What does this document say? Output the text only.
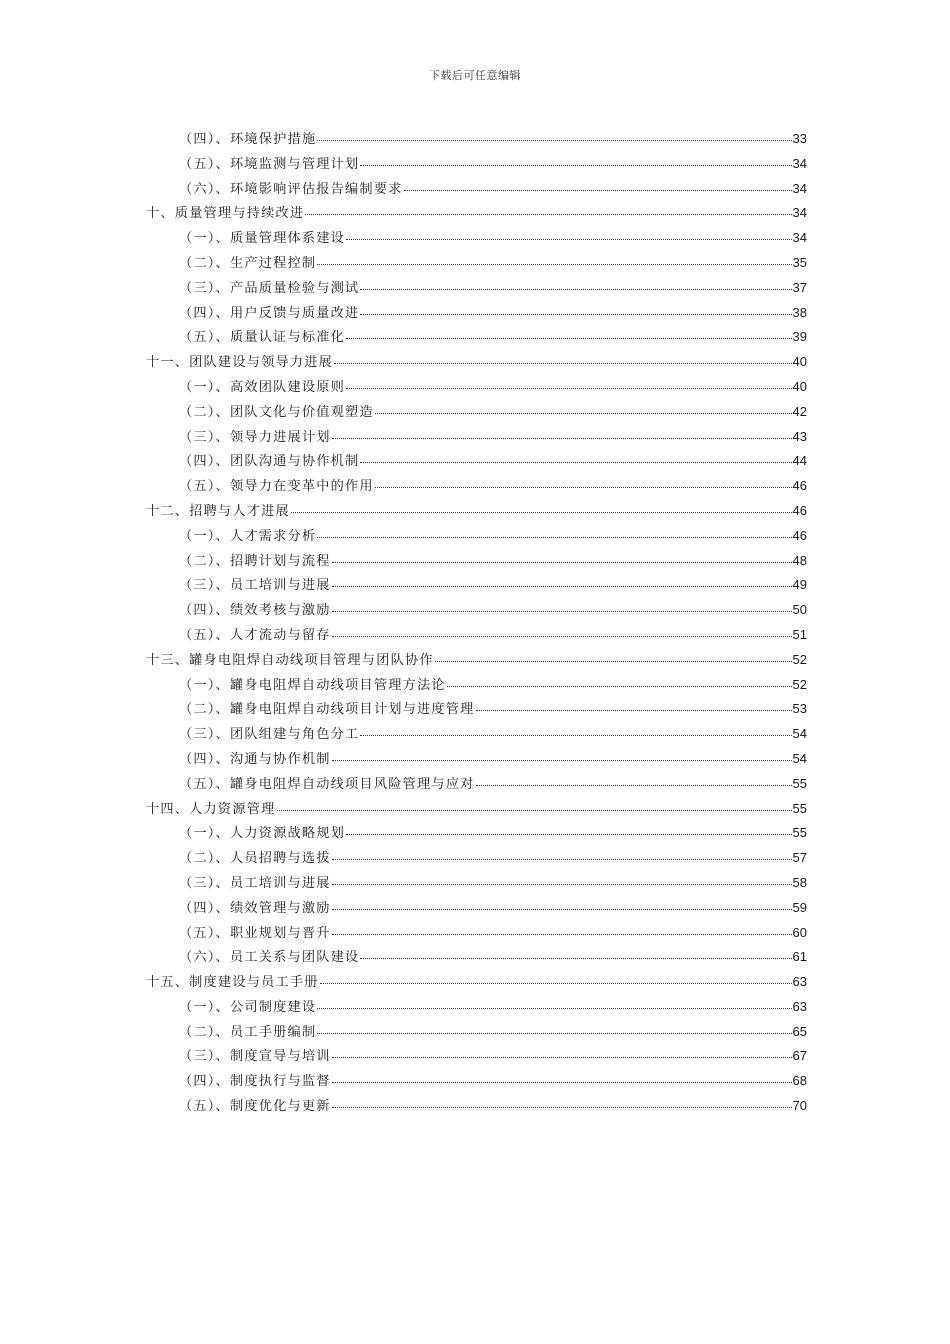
下载后可任意编辑
（四）、环境保护措施	33
（五）、环境监测与管理计划	34
（六）、环境影响评估报告编制要求	34
十、质量管理与持续改进	34
（一）、质量管理体系建设	34
（二）、生产过程控制	35
（三）、产品质量检验与测试	37
（四）、用户反馈与质量改进	38
（五）、质量认证与标准化	39
十一、团队建设与领导力进展	40
（一）、高效团队建设原则	40
（二）、团队文化与价值观塑造	42
（三）、领导力进展计划	43
（四）、团队沟通与协作机制	44
（五）、领导力在变革中的作用	46
十二、招聘与人才进展	46
（一）、人才需求分析	46
（二）、招聘计划与流程	48
（三）、员工培训与进展	49
（四）、绩效考核与激励	50
（五）、人才流动与留存	51
十三、罐身电阻焊自动线项目管理与团队协作	52
（一）、罐身电阻焊自动线项目管理方法论	52
（二）、罐身电阻焊自动线项目计划与进度管理	53
（三）、团队组建与角色分工	54
（四）、沟通与协作机制	54
（五）、罐身电阻焊自动线项目风险管理与应对	55
十四、人力资源管理	55
（一）、人力资源战略规划	55
（二）、人员招聘与选拔	57
（三）、员工培训与进展	58
（四）、绩效管理与激励	59
（五）、职业规划与晋升	60
（六）、员工关系与团队建设	61
十五、制度建设与员工手册	63
（一）、公司制度建设	63
（二）、员工手册编制	65
（三）、制度宣导与培训	67
（四）、制度执行与监督	68
（五）、制度优化与更新	70
